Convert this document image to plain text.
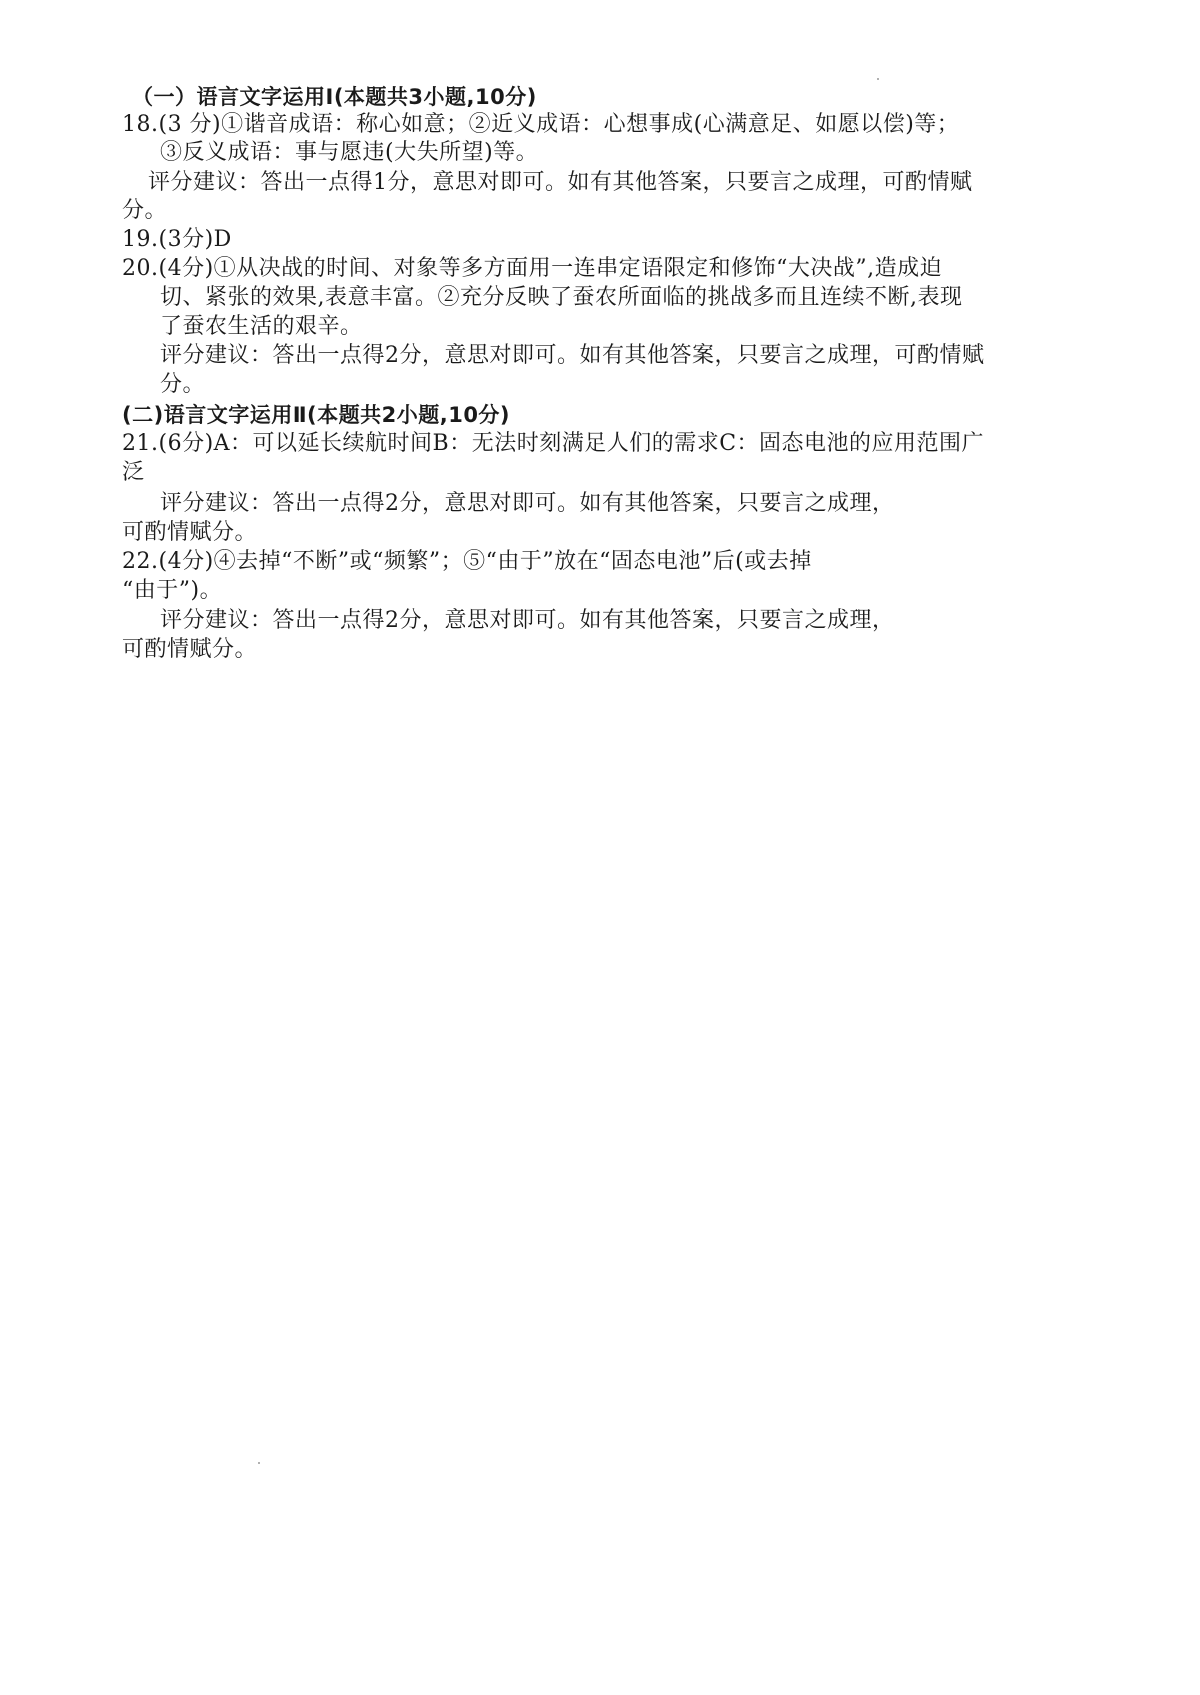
（一）语言文字运用Ⅰ(本题共3小题,10分)
18.(3 分)①谐音成语：称心如意；②近义成语：心想事成(心满意足、如愿以偿)等；
③反义成语：事与愿违(大失所望)等。
评分建议：答出一点得1分，意思对即可。如有其他答案，只要言之成理，可酌情赋
分。
19.(3分)D
20.(4分)①从决战的时间、对象等多方面用一连串定语限定和修饰“大决战”,造成迫
切、紧张的效果,表意丰富。②充分反映了蚕农所面临的挑战多而且连续不断,表现
了蚕农生活的艰辛。
评分建议：答出一点得2分，意思对即可。如有其他答案，只要言之成理，可酌情赋
分。
(二)语言文字运用Ⅱ(本题共2小题,10分)
21.(6分)A：可以延长续航时间B：无法时刻满足人们的需求C：固态电池的应用范围广
泛
评分建议：答出一点得2分，意思对即可。如有其他答案，只要言之成理，
可酌情赋分。
22.(4分)④去掉“不断”或“频繁”；⑤“由于”放在“固态电池”后(或去掉
“由于”)。
评分建议：答出一点得2分，意思对即可。如有其他答案，只要言之成理，
可酌情赋分。
